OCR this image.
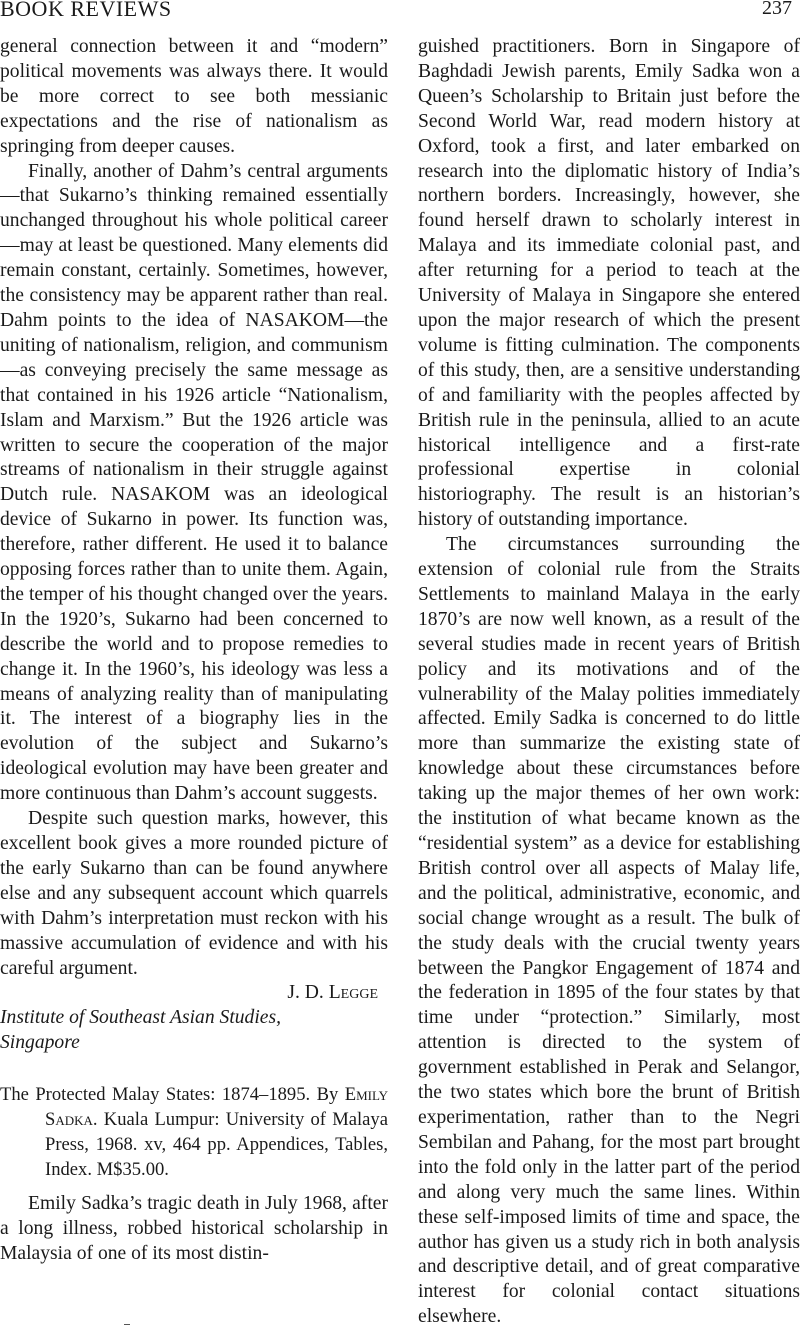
BOOK REVIEWS	237

general connection between it and “modern” political movements was always there. It would be more correct to see both messianic expectations and the rise of nationalism as springing from deeper causes.

Finally, another of Dahm’s central arguments—that Sukarno’s thinking remained essentially unchanged throughout his whole political career—may at least be questioned. Many elements did remain constant, certainly. Sometimes, however, the consistency may be apparent rather than real. Dahm points to the idea of NASAKOM—the uniting of nationalism, religion, and communism—as conveying precisely the same message as that contained in his 1926 article “Nationalism, Islam and Marxism.” But the 1926 article was written to secure the cooperation of the major streams of nationalism in their struggle against Dutch rule. NASAKOM was an ideological device of Sukarno in power. Its function was, therefore, rather different. He used it to balance opposing forces rather than to unite them. Again, the temper of his thought changed over the years. In the 1920’s, Sukarno had been concerned to describe the world and to propose remedies to change it. In the 1960’s, his ideology was less a means of analyzing reality than of manipulating it. The interest of a biography lies in the evolution of the subject and Sukarno’s ideological evolution may have been greater and more continuous than Dahm’s account suggests.

Despite such question marks, however, this excellent book gives a more rounded picture of the early Sukarno than can be found anywhere else and any subsequent account which quarrels with Dahm’s interpretation must reckon with his massive accumulation of evidence and with his careful argument.

J. D. Legge

Institute of Southeast Asian Studies,

Singapore

The Protected Malay States: 1874–1895. By Emily Sadka. Kuala Lumpur: University of Malaya Press, 1968. xv, 464 pp. Appendices, Tables, Index. M$35.00.

Emily Sadka’s tragic death in July 1968, after a long illness, robbed historical scholarship in Malaysia of one of its most distin-

guished practitioners. Born in Singapore of Baghdadi Jewish parents, Emily Sadka won a Queen’s Scholarship to Britain just before the Second World War, read modern history at Oxford, took a first, and later embarked on research into the diplomatic history of India’s northern borders. Increasingly, however, she found herself drawn to scholarly interest in Malaya and its immediate colonial past, and after returning for a period to teach at the University of Malaya in Singapore she entered upon the major research of which the present volume is fitting culmination. The components of this study, then, are a sensitive understanding of and familiarity with the peoples affected by British rule in the peninsula, allied to an acute historical intelligence and a first-rate professional expertise in colonial historiography. The result is an historian’s history of outstanding importance.

The circumstances surrounding the extension of colonial rule from the Straits Settlements to mainland Malaya in the early 1870’s are now well known, as a result of the several studies made in recent years of British policy and its motivations and of the vulnerability of the Malay polities immediately affected. Emily Sadka is concerned to do little more than summarize the existing state of knowledge about these circumstances before taking up the major themes of her own work: the institution of what became known as the “residential system” as a device for establishing British control over all aspects of Malay life, and the political, administrative, economic, and social change wrought as a result. The bulk of the study deals with the crucial twenty years between the Pangkor Engagement of 1874 and the federation in 1895 of the four states by that time under “protection.” Similarly, most attention is directed to the system of government established in Perak and Selangor, the two states which bore the brunt of British experimentation, rather than to the Negri Sembilan and Pahang, for the most part brought into the fold only in the latter part of the period and along very much the same lines. Within these self-imposed limits of time and space, the author has given us a study rich in both analysis and descriptive detail, and of great comparative interest for colonial contact situations elsewhere.
